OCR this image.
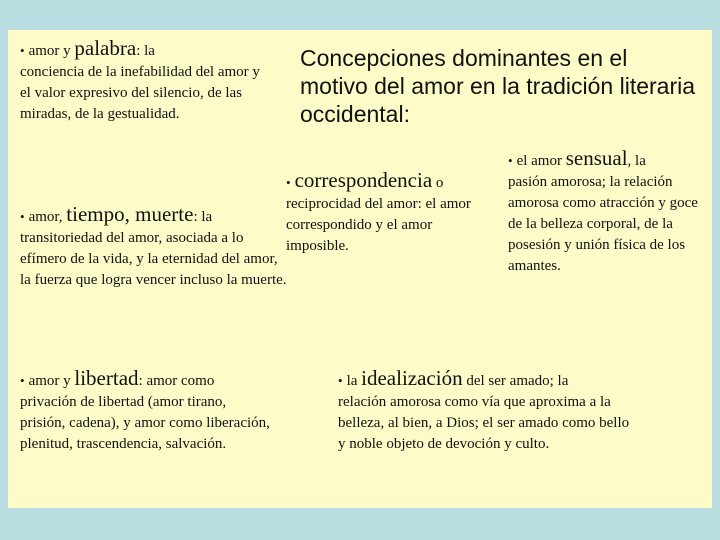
Concepciones dominantes en el motivo del amor en la tradición literaria occidental:
• amor y palabra: la
conciencia de la inefabilidad del amor y el valor expresivo del silencio, de las miradas, de la gestualidad.
• correspondencia o
reciprocidad del amor: el amor correspondido y el amor imposible.
• el amor sensual, la
pasión amorosa; la relación amorosa como atracción y goce de la belleza corporal, de la posesión y unión física de los amantes.
• amor, tiempo, muerte: la
transitoriedad del amor, asociada a lo efímero de la vida, y la eternidad del amor, la fuerza que logra vencer incluso la muerte.
• amor y libertad: amor como
privación de libertad (amor tirano, prisión, cadena), y amor como liberación, plenitud, trascendencia, salvación.
• la idealización del ser amado; la
relación amorosa como vía que aproxima a la belleza, al bien, a Dios; el ser amado como bello y noble objeto de devoción y culto.
